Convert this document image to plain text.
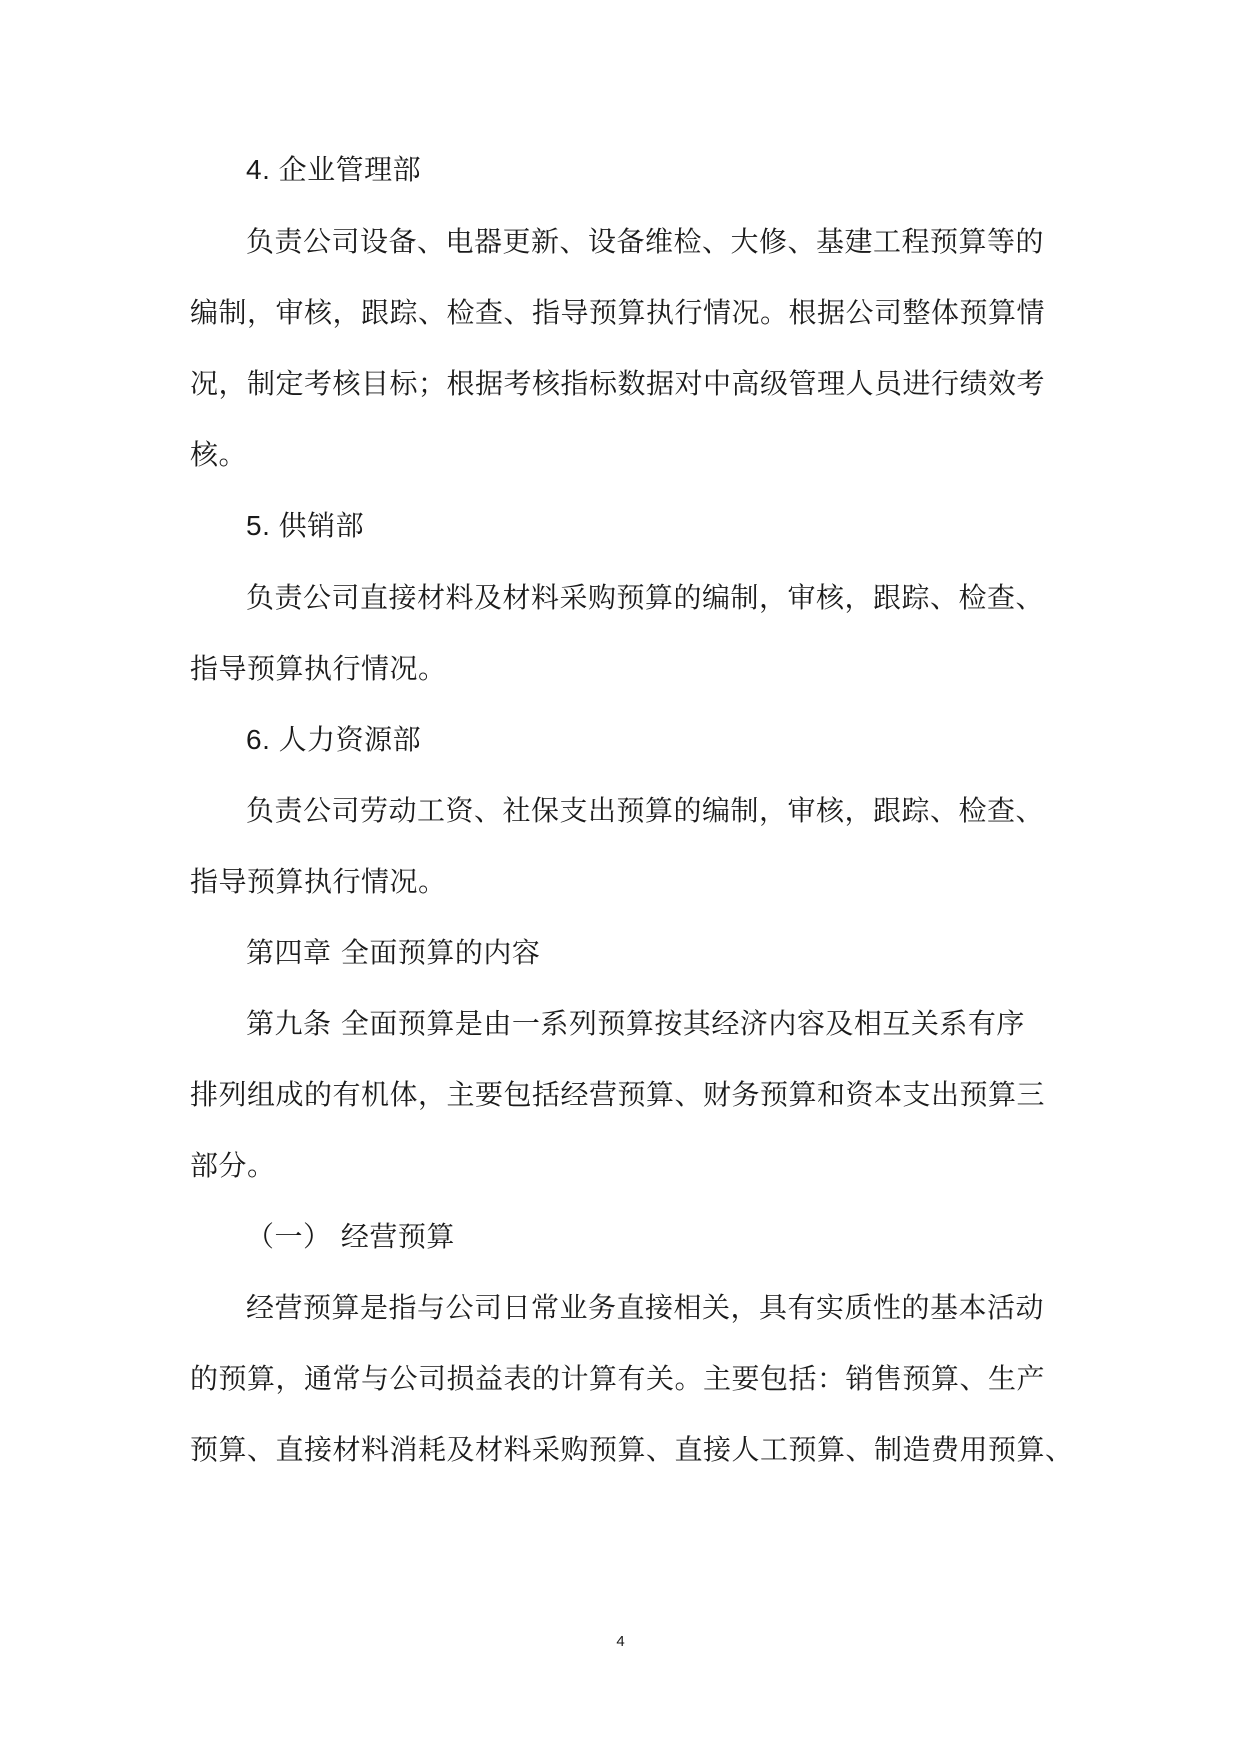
4. 企业管理部
负责公司设备、电器更新、设备维检、大修、基建工程预算等的
编制，审核，跟踪、检查、指导预算执行情况。根据公司整体预算情
况，制定考核目标；根据考核指标数据对中高级管理人员进行绩效考
核。
5. 供销部
负责公司直接材料及材料采购预算的编制，审核，跟踪、检查、
指导预算执行情况。
6. 人力资源部
负责公司劳动工资、社保支出预算的编制，审核，跟踪、检查、
指导预算执行情况。
第四章 全面预算的内容
第九条 全面预算是由一系列预算按其经济内容及相互关系有序
排列组成的有机体，主要包括经营预算、财务预算和资本支出预算三
部分。
（一） 经营预算
经营预算是指与公司日常业务直接相关，具有实质性的基本活动
的预算，通常与公司损益表的计算有关。主要包括：销售预算、生产
预算、直接材料消耗及材料采购预算、直接人工预算、制造费用预算、
4
